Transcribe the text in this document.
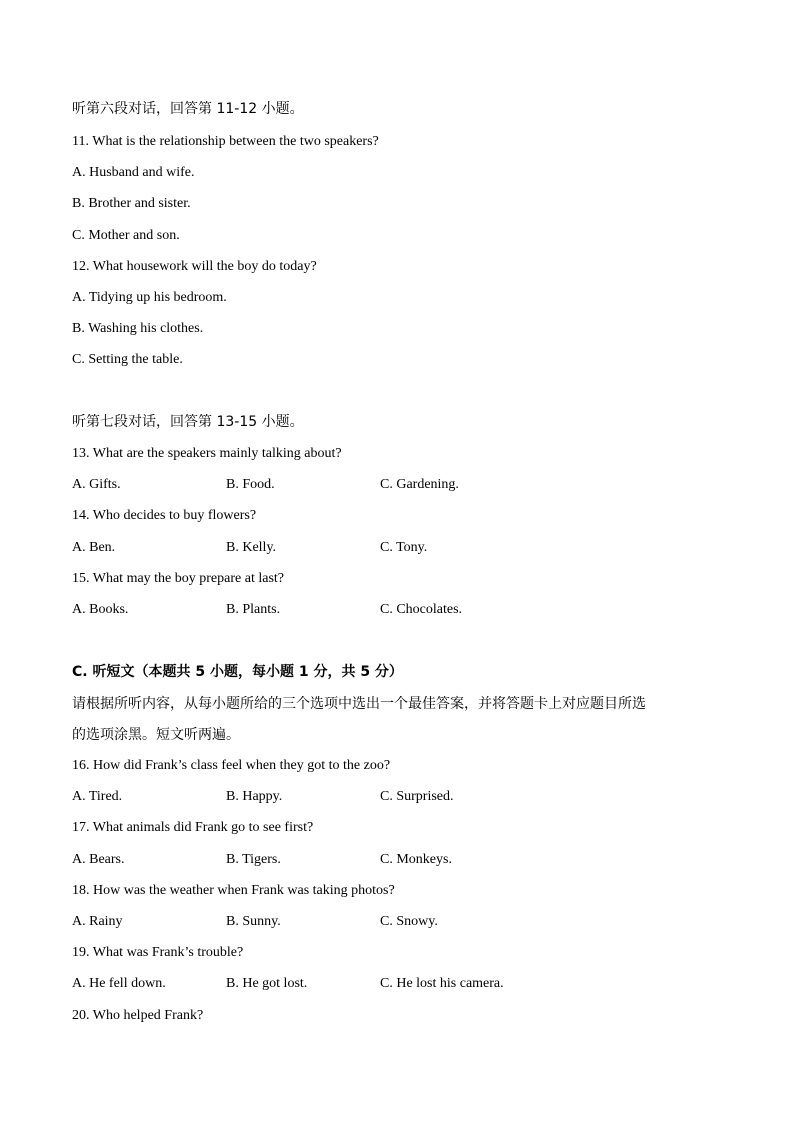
听第六段对话，回答第 11-12 小题。
11. What is the relationship between the two speakers?
A. Husband and wife.
B. Brother and sister.
C. Mother and son.
12. What housework will the boy do today?
A. Tidying up his bedroom.
B. Washing his clothes.
C. Setting the table.
听第七段对话，回答第 13-15 小题。
13. What are the speakers mainly talking about?
A. Gifts.	B. Food.	C. Gardening.
14. Who decides to buy flowers?
A. Ben.	B. Kelly.	C. Tony.
15. What may the boy prepare at last?
A. Books.	B. Plants.	C. Chocolates.
C. 听短文（本题共 5 小题，每小题 1 分，共 5 分）
请根据所听内容，从每小题所给的三个选项中选出一个最佳答案，并将答题卡上对应题目所选
的选项涂黑。短文听两遍。
16. How did Frank’s class feel when they got to the zoo?
A. Tired.	B. Happy.	C. Surprised.
17. What animals did Frank go to see first?
A. Bears.	B. Tigers.	C. Monkeys.
18. How was the weather when Frank was taking photos?
A. Rainy	B. Sunny.	C. Snowy.
19. What was Frank’s trouble?
A. He fell down.	B. He got lost.	C. He lost his camera.
20. Who helped Frank?
